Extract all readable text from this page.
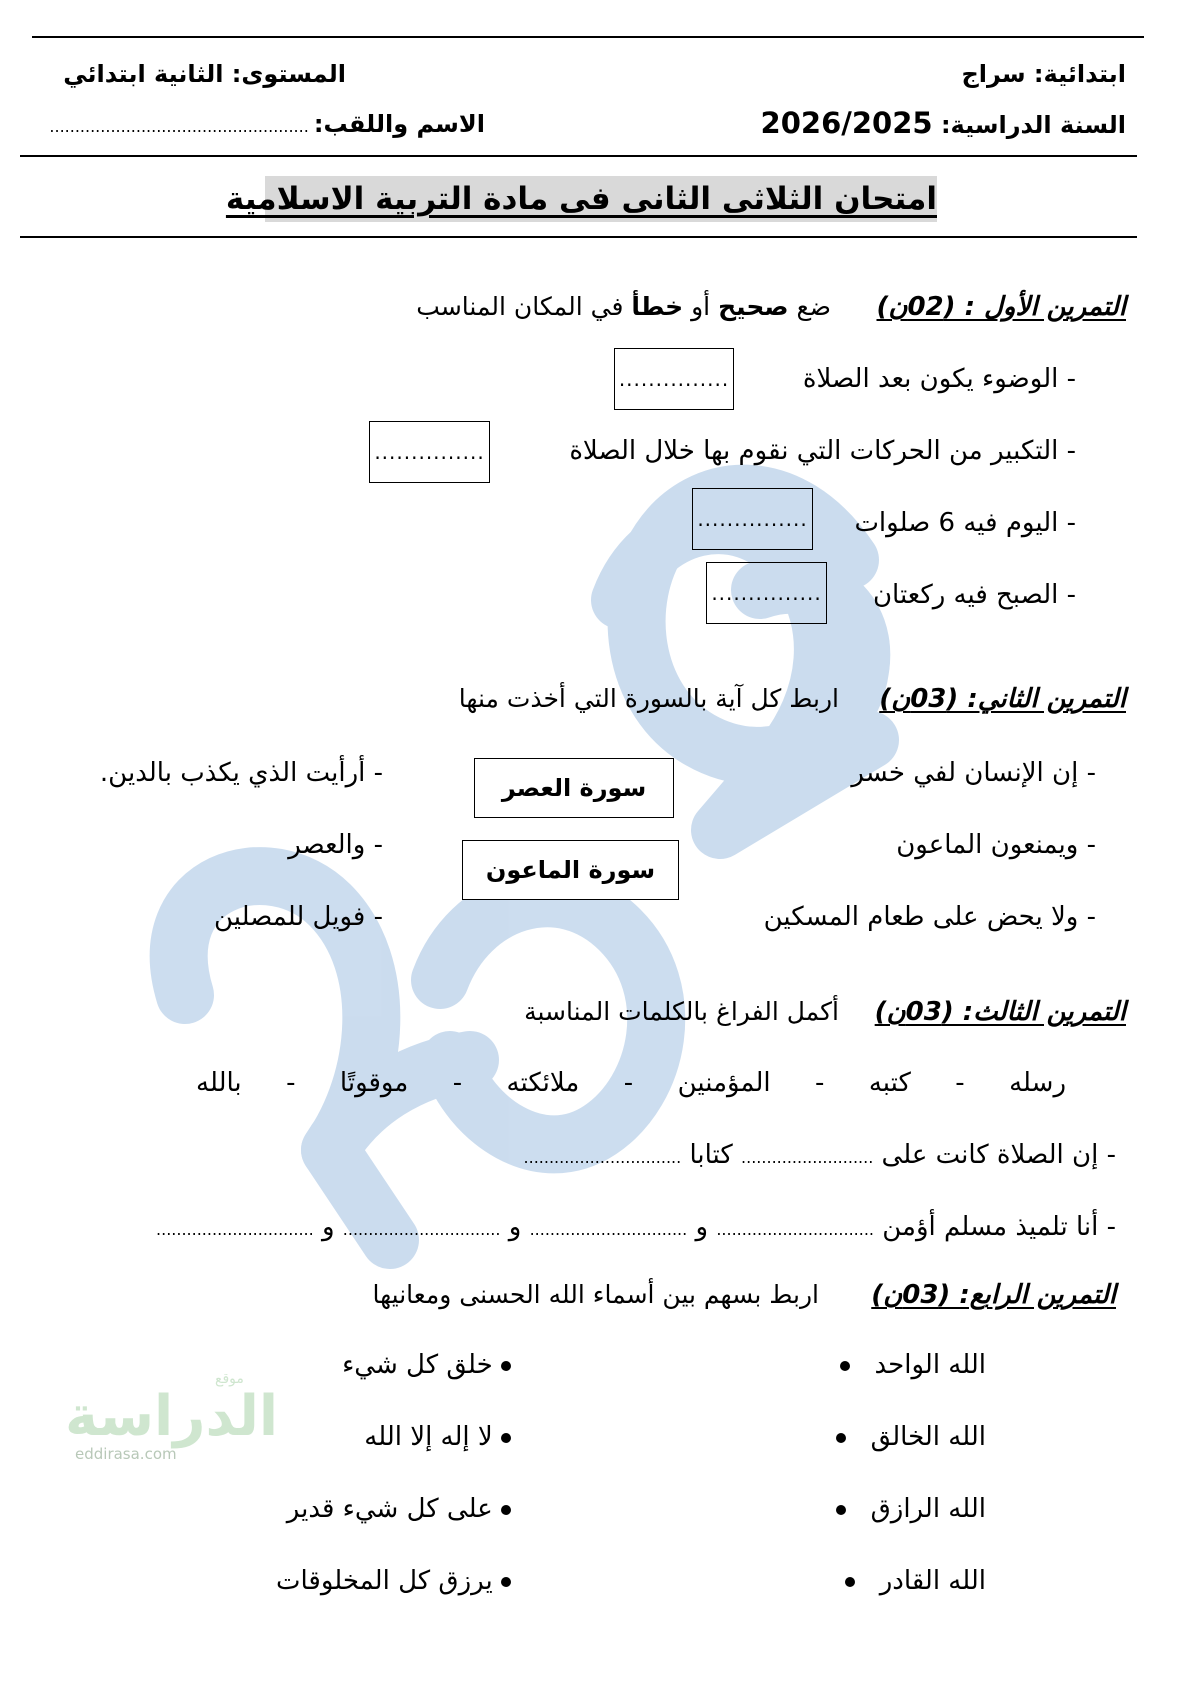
ابتدائية: سراج
المستوى: الثانية ابتدائي
السنة الدراسية: 2026/2025
الاسم واللقب: ...................................................
امتحان الثلاثى الثانى فى مادة التربية الاسلامية
التمرين الأول : (02ن)
ضع صحيح أو خطأ في المكان المناسب
- الوضوء يكون بعد الصلاة
...............
- التكبير من الحركات التي نقوم بها خلال الصلاة
...............
- اليوم فيه 6 صلوات
...............
- الصبح فيه ركعتان
...............
التمرين الثاني: (03ن)
اربط كل آية بالسورة التي أخذت منها
- إن الإنسان لفي خسر
- ويمنعون الماعون
- ولا يحض على طعام المسكين
سورة العصر
سورة الماعون
- أرأيت الذي يكذب بالدين.
- والعصر
- فويل للمصلين
التمرين الثالث: (03ن)
أكمل الفراغ بالكلمات المناسبة
بالله - موقوتًا - ملائكته - المؤمنين - كتبه - رسله
- إن الصلاة كانت على .......................... كتابا ...............................
- أنا تلميذ مسلم أؤمن ............................... و ............................... و ............................... و ...............................
التمرين الرابع: (03ن)
اربط بسهم بين أسماء الله الحسنى ومعانيها
الله الواحد
الله الخالق
الله الرازق
الله القادر
خلق كل شيء
لا إله إلا الله
على كل شيء قدير
يرزق كل المخلوقات
موقع
الدراسة
eddirasa.com
